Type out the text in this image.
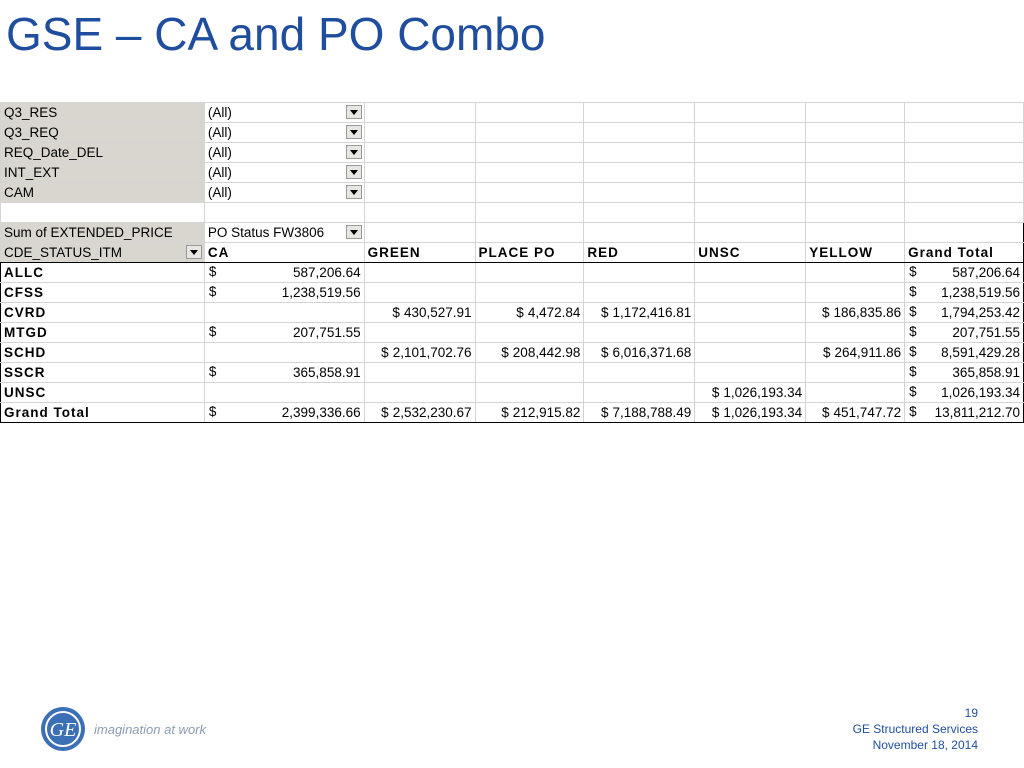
GSE – CA and PO Combo
Q3_RES	(All)

Q3_REQ	(All)

REQ_Date_DEL	(All)

INT_EXT	(All)

CAM	(All)

Sum of EXTENDED_PRICE	PO Status FW3806

CDE_STATUS_ITM	CA	GREEN	PLACE PO	RED	UNSC	YELLOW	Grand Total
ALLC	$ 587,206.64						$ 587,206.64

CFSS	$ 1,238,519.56						$ 1,238,519.56

CVRD		$ 430,527.91	$ 4,472.84	$ 1,172,416.81		$ 186,835.86	$ 1,794,253.42

MTGD	$ 207,751.55						$ 207,751.55

SCHD		$ 2,101,702.76	$ 208,442.98	$ 6,016,371.68		$ 264,911.86	$ 8,591,429.28

SSCR	$ 365,858.91						$ 365,858.91

UNSC					$ 1,026,193.34		$ 1,026,193.34

Grand Total	$ 2,399,336.66	$ 2,532,230.67	$ 212,915.82	$ 7,188,788.49	$ 1,026,193.34	$ 451,747.72	$ 13,811,212.70
GE imagination at work
19
GE Structured Services
November 18, 2014
